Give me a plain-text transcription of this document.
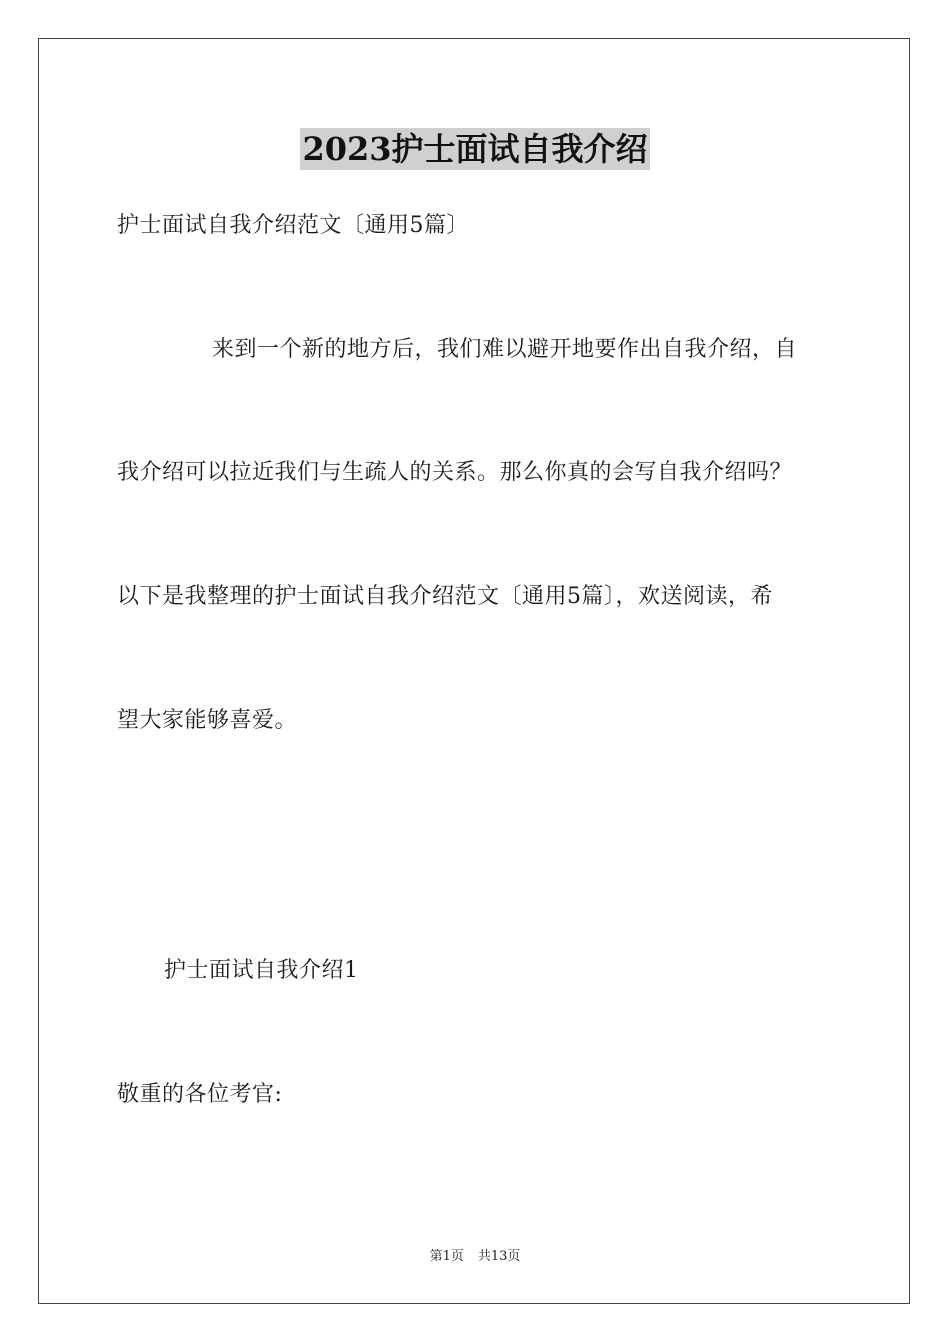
2023护士面试自我介绍
护士面试自我介绍范文〔通用5篇〕
来到一个新的地方后，我们难以避开地要作出自我介绍，自
我介绍可以拉近我们与生疏人的关系。那么你真的会写自我介绍吗？
以下是我整理的护士面试自我介绍范文〔通用5篇〕，欢送阅读，希
望大家能够喜爱。
护士面试自我介绍1
敬重的各位考官:
第1页 共13页
